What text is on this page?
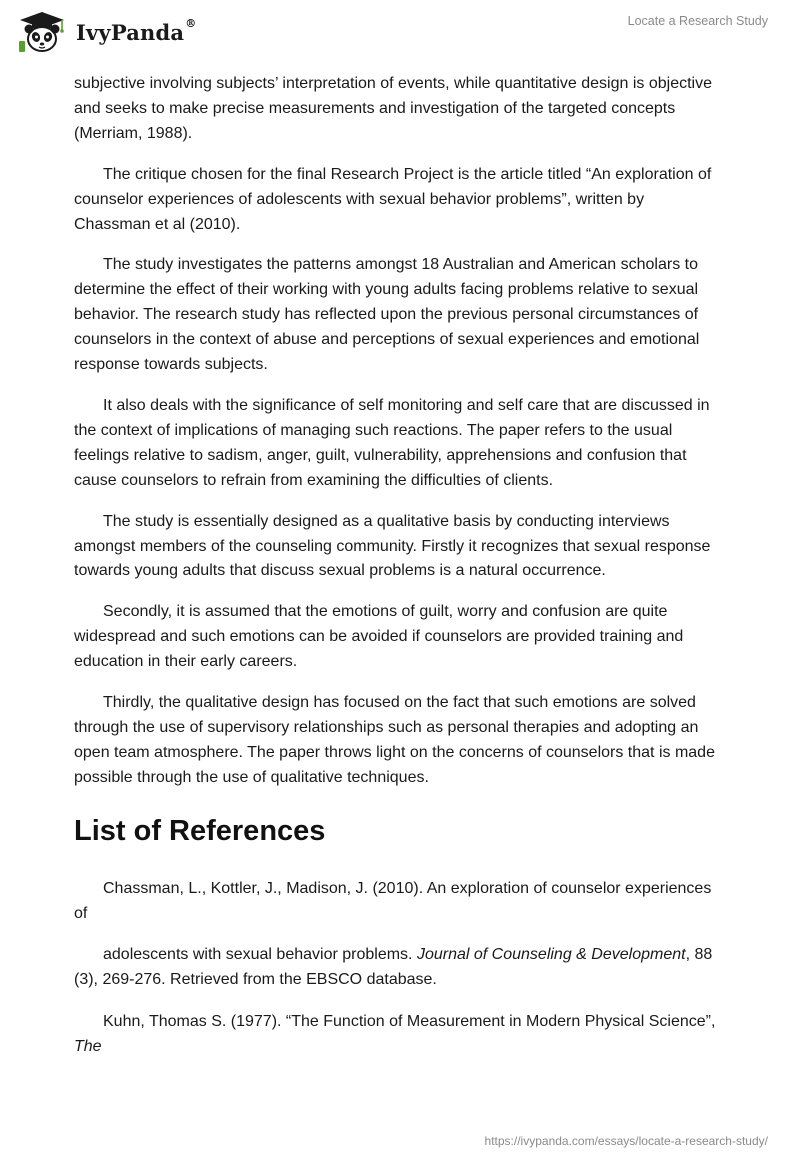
IvyPanda®	Locate a Research Study

subjective involving subjects’ interpretation of events, while quantitative design is objective and seeks to make precise measurements and investigation of the targeted concepts (Merriam, 1988).

The critique chosen for the final Research Project is the article titled “An exploration of counselor experiences of adolescents with sexual behavior problems”, written by Chassman et al (2010).

The study investigates the patterns amongst 18 Australian and American scholars to determine the effect of their working with young adults facing problems relative to sexual behavior. The research study has reflected upon the previous personal circumstances of counselors in the context of abuse and perceptions of sexual experiences and emotional response towards subjects.

It also deals with the significance of self monitoring and self care that are discussed in the context of implications of managing such reactions. The paper refers to the usual feelings relative to sadism, anger, guilt, vulnerability, apprehensions and confusion that cause counselors to refrain from examining the difficulties of clients.

The study is essentially designed as a qualitative basis by conducting interviews amongst members of the counseling community. Firstly it recognizes that sexual response towards young adults that discuss sexual problems is a natural occurrence.

Secondly, it is assumed that the emotions of guilt, worry and confusion are quite widespread and such emotions can be avoided if counselors are provided training and education in their early careers.

Thirdly, the qualitative design has focused on the fact that such emotions are solved through the use of supervisory relationships such as personal therapies and adopting an open team atmosphere. The paper throws light on the concerns of counselors that is made possible through the use of qualitative techniques.

List of References

Chassman, L., Kottler, J., Madison, J. (2010). An exploration of counselor experiences of

adolescents with sexual behavior problems. Journal of Counseling & Development, 88 (3), 269-276. Retrieved from the EBSCO database.

Kuhn, Thomas S. (1977). “The Function of Measurement in Modern Physical Science”, The

https://ivypanda.com/essays/locate-a-research-study/
